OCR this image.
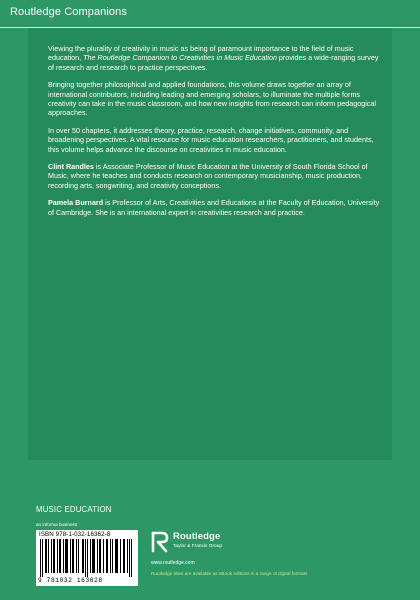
Routledge Companions

Viewing the plurality of creativity in music as being of paramount importance to the field of music education, The Routledge Companion to Creativities in Music Education provides a wide-ranging survey of research and research to practice perspectives.

Bringing together philosophical and applied foundations, this volume draws together an array of international contributors, including leading and emerging scholars, to illuminate the multiple forms creativity can take in the music classroom, and how new insights from research can inform pedagogical approaches.

In over 50 chapters, it addresses theory, practice, research, change initiatives, community, and broadening perspectives. A vital resource for music education researchers, practitioners, and students, this volume helps advance the discourse on creativities in music education.

Clint Randles is Associate Professor of Music Education at the University of South Florida School of Music, where he teaches and conducts research on contemporary musicianship, music production, recording arts, songwriting, and creativity conceptions.

Pamela Burnard is Professor of Arts, Creativities and Educations at the Faculty of Education, University of Cambridge. She is an international expert in creativities research and practice.

MUSIC EDUCATION
an informa business
ISBN 978-1-032-16362-8
9 781032 163628
Routledge
Taylor & Francis Group
www.routledge.com
Routledge titles are available as eBook editions in a range of digital formats
